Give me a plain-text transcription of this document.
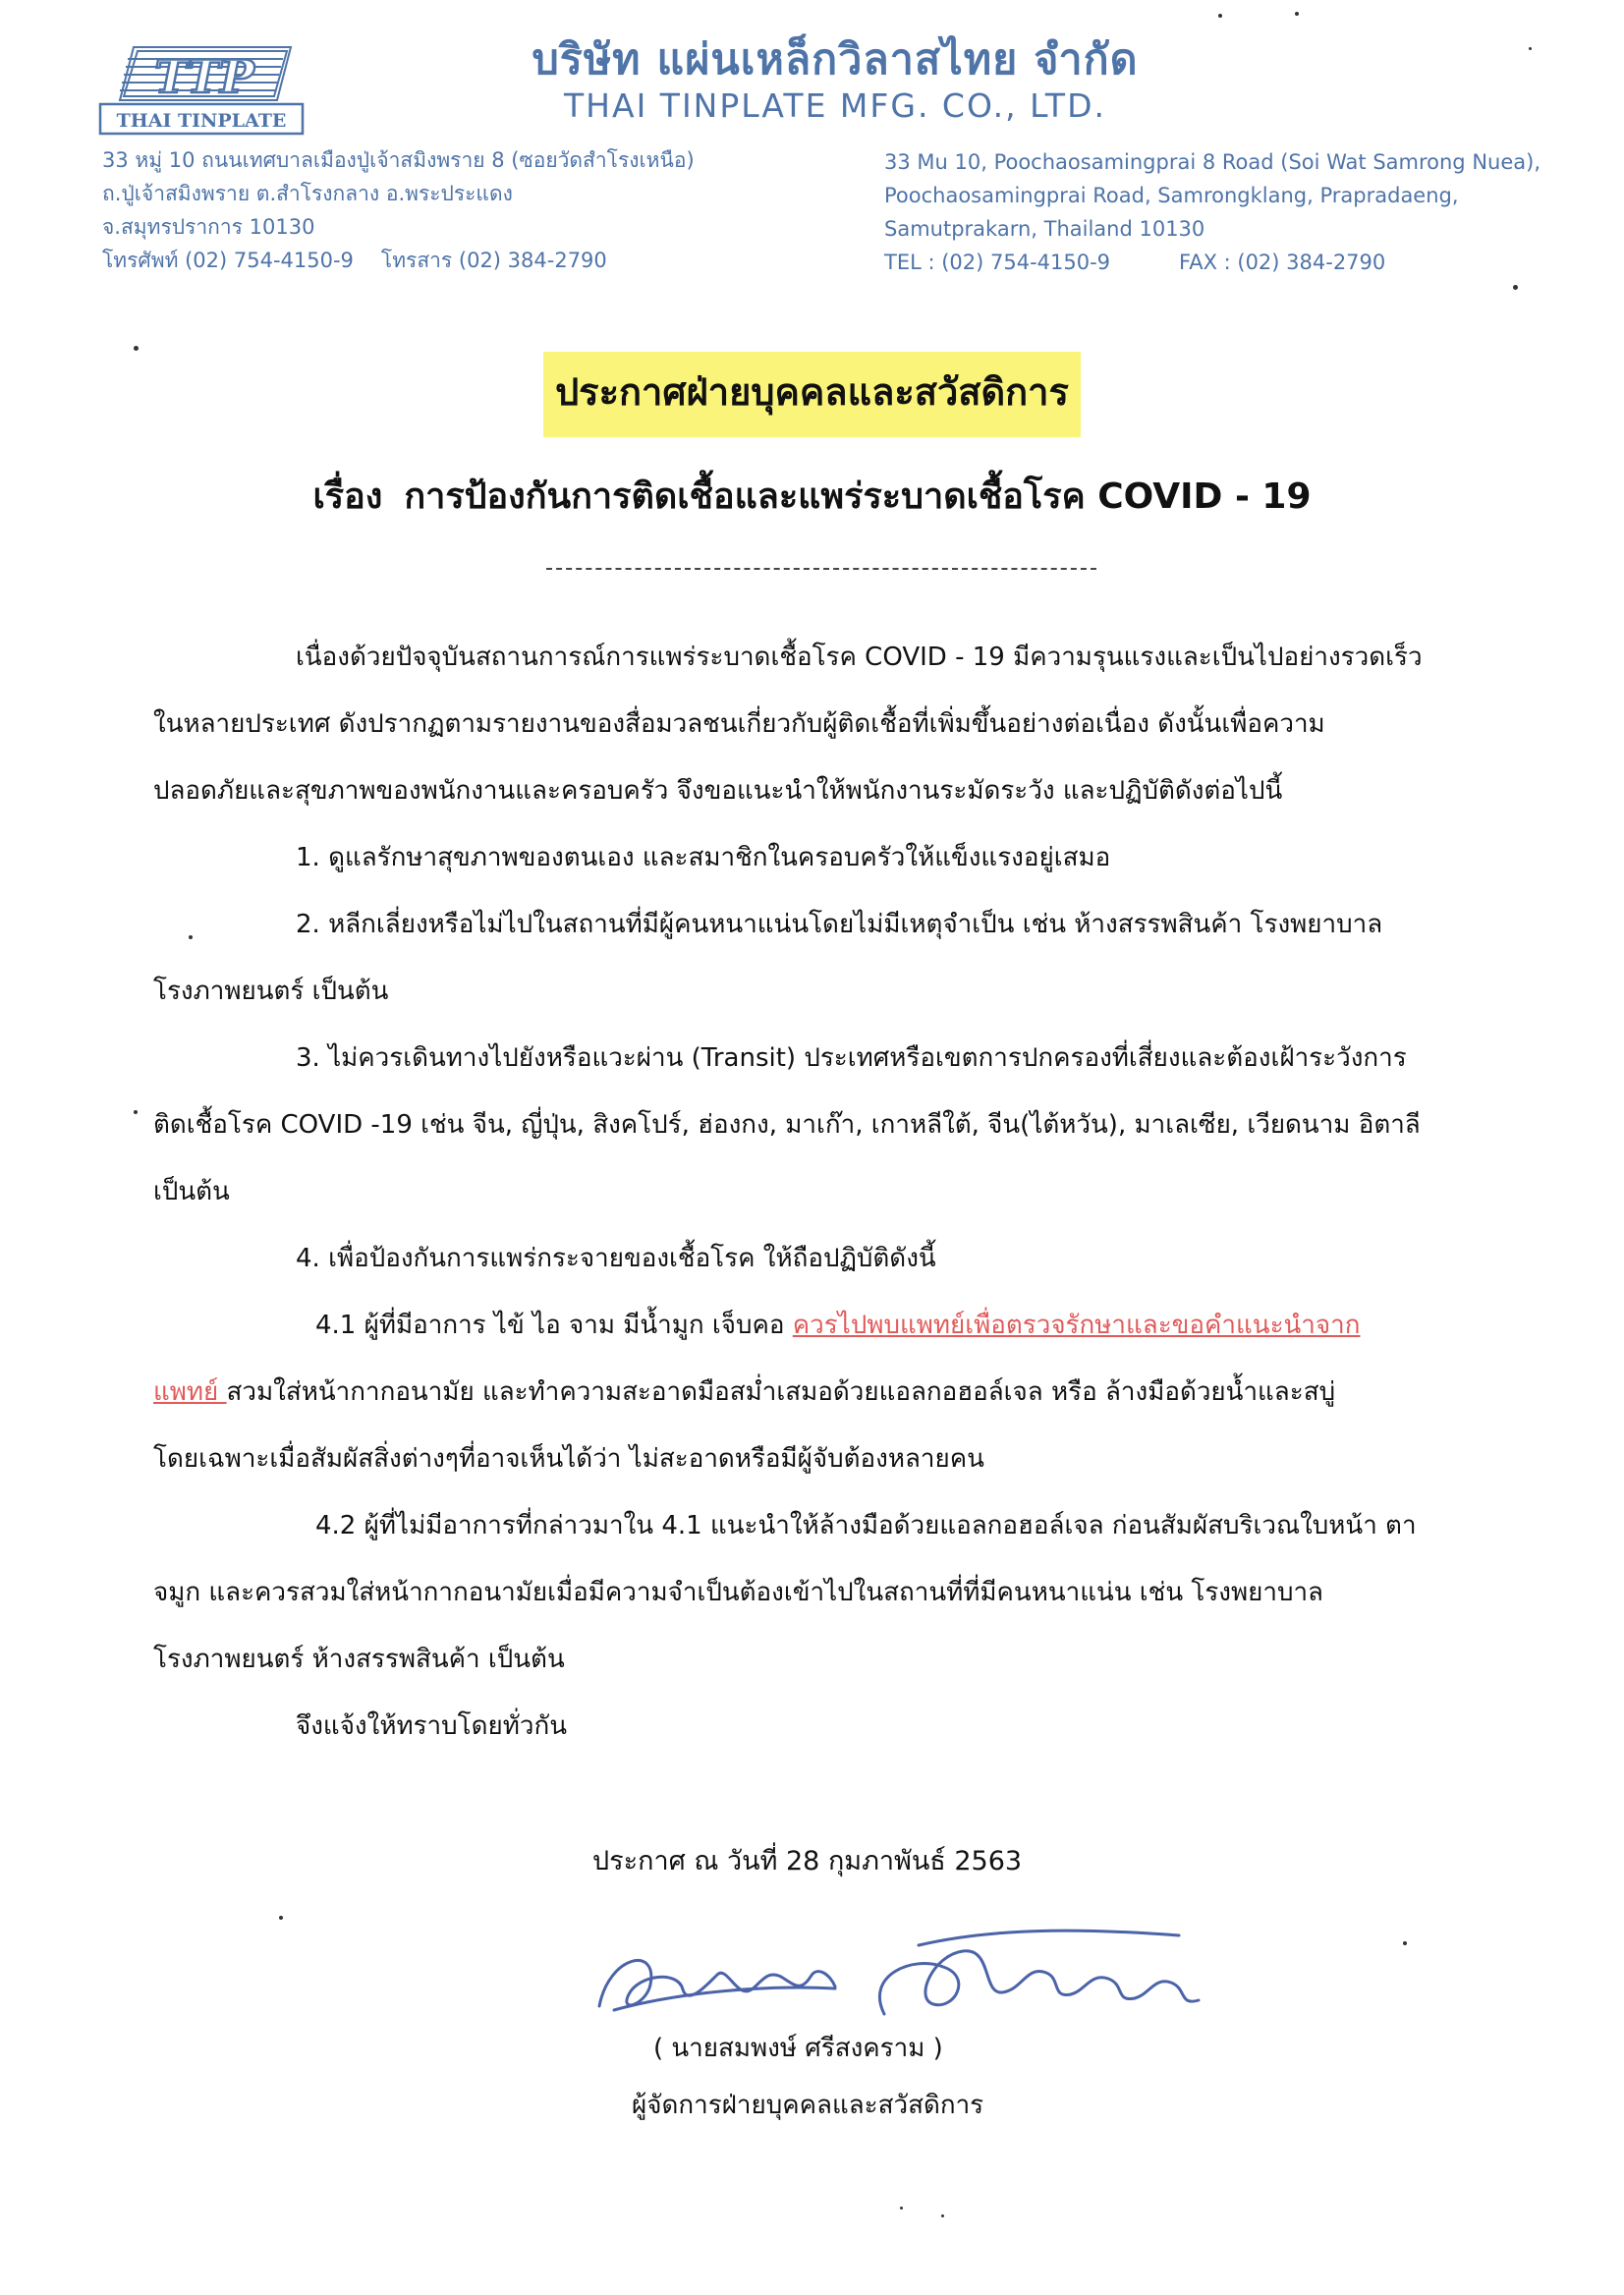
TTP
THAI TINPLATE
บริษัท แผ่นเหล็กวิลาสไทย จำกัด
THAI TINPLATE MFG. CO., LTD.
33 หมู่ 10 ถนนเทศบาลเมืองปู่เจ้าสมิงพราย 8 (ซอยวัดสำโรงเหนือ)
ถ.ปู่เจ้าสมิงพราย ต.สำโรงกลาง อ.พระประแดง
จ.สมุทรปราการ 10130
โทรศัพท์ (02) 754-4150-9 โทรสาร (02) 384-2790
33 Mu 10, Poochaosamingprai 8 Road (Soi Wat Samrong Nuea),
Poochaosamingprai Road, Samrongklang, Prapradaeng,
Samutprakarn, Thailand 10130
TEL : (02) 754-4150-9	FAX : (02) 384-2790
ประกาศฝ่ายบุคคลและสวัสดิการ
เรื่อง การป้องกันการติดเชื้อและแพร่ระบาดเชื้อโรค COVID - 19
เนื่องด้วยปัจจุบันสถานการณ์การแพร่ระบาดเชื้อโรค COVID - 19 มีความรุนแรงและเป็นไปอย่างรวดเร็ว
ในหลายประเทศ ดังปรากฏตามรายงานของสื่อมวลชนเกี่ยวกับผู้ติดเชื้อที่เพิ่มขึ้นอย่างต่อเนื่อง ดังนั้นเพื่อความ
ปลอดภัยและสุขภาพของพนักงานและครอบครัว จึงขอแนะนำให้พนักงานระมัดระวัง และปฏิบัติดังต่อไปนี้
1. ดูแลรักษาสุขภาพของตนเอง และสมาชิกในครอบครัวให้แข็งแรงอยู่เสมอ
2. หลีกเลี่ยงหรือไม่ไปในสถานที่มีผู้คนหนาแน่นโดยไม่มีเหตุจำเป็น เช่น ห้างสรรพสินค้า โรงพยาบาล
โรงภาพยนตร์ เป็นต้น
3. ไม่ควรเดินทางไปยังหรือแวะผ่าน (Transit) ประเทศหรือเขตการปกครองที่เสี่ยงและต้องเฝ้าระวังการ
ติดเชื้อโรค COVID -19 เช่น จีน, ญี่ปุ่น, สิงคโปร์, ฮ่องกง, มาเก๊า, เกาหลีใต้, จีน(ไต้หวัน), มาเลเซีย, เวียดนาม อิตาลี
เป็นต้น
4. เพื่อป้องกันการแพร่กระจายของเชื้อโรค ให้ถือปฏิบัติดังนี้
4.1 ผู้ที่มีอาการ ไข้ ไอ จาม มีน้ำมูก เจ็บคอ ควรไปพบแพทย์เพื่อตรวจรักษาและขอคำแนะนำจาก
แพทย์ สวมใส่หน้ากากอนามัย และทำความสะอาดมือสม่ำเสมอด้วยแอลกอฮอล์เจล หรือ ล้างมือด้วยน้ำและสบู่
โดยเฉพาะเมื่อสัมผัสสิ่งต่างๆที่อาจเห็นได้ว่า ไม่สะอาดหรือมีผู้จับต้องหลายคน
4.2 ผู้ที่ไม่มีอาการที่กล่าวมาใน 4.1 แนะนำให้ล้างมือด้วยแอลกอฮอล์เจล ก่อนสัมผัสบริเวณใบหน้า ตา
จมูก และควรสวมใส่หน้ากากอนามัยเมื่อมีความจำเป็นต้องเข้าไปในสถานที่ที่มีคนหนาแน่น เช่น โรงพยาบาล
โรงภาพยนตร์ ห้างสรรพสินค้า เป็นต้น
จึงแจ้งให้ทราบโดยทั่วกัน
ประกาศ ณ วันที่ 28 กุมภาพันธ์ 2563
( นายสมพงษ์ ศรีสงคราม )
ผู้จัดการฝ่ายบุคคลและสวัสดิการ
